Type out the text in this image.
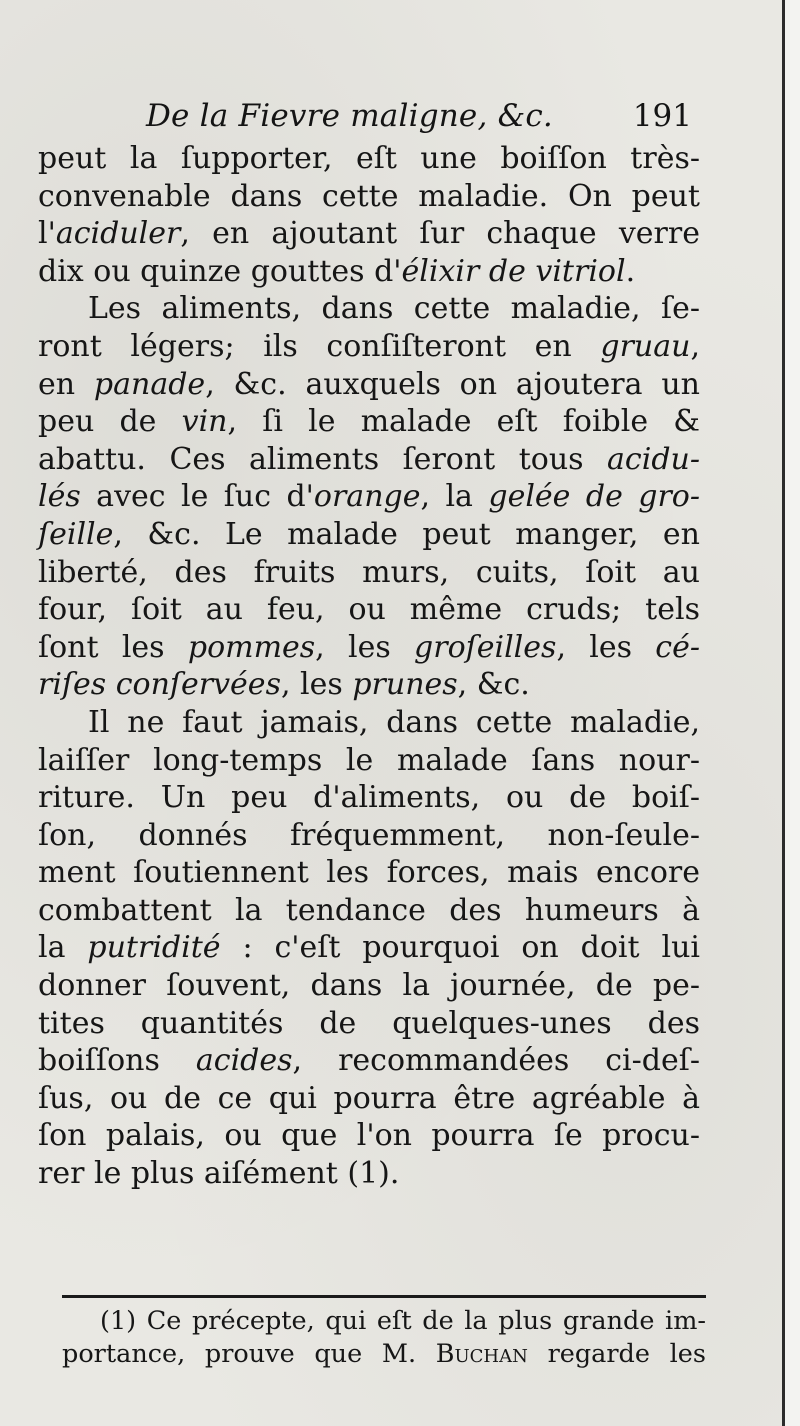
De la Fievre maligne, &c.	191
peut la ſupporter, eſt une boiſſon très-
convenable dans cette maladie. On peut
l'aciduler, en ajoutant ſur chaque verre
dix ou quinze gouttes d'élixir de vitriol.
Les aliments, dans cette maladie, ſe-
ront légers; ils conſiſteront en gruau,
en panade, &c. auxquels on ajoutera un
peu de vin, ſi le malade eſt foible &
abattu. Ces aliments ſeront tous acidu-
lés avec le ſuc d'orange, la gelée de gro-
ſeille, &c. Le malade peut manger, en
liberté, des fruits murs, cuits, ſoit au
four, ſoit au feu, ou même cruds; tels
ſont les pommes, les groſeilles, les cé-
riſes conſervées, les prunes, &c.
Il ne faut jamais, dans cette maladie,
laiſſer long-temps le malade ſans nour-
riture. Un peu d'aliments, ou de boiſ-
ſon, donnés fréquemment, non-ſeule-
ment ſoutiennent les forces, mais encore
combattent la tendance des humeurs à
la putridité : c'eſt pourquoi on doit lui
donner ſouvent, dans la journée, de pe-
tites quantités de quelques-unes des
boiſſons acides, recommandées ci-deſ-
ſus, ou de ce qui pourra être agréable à
ſon palais, ou que l'on pourra ſe procu-
rer le plus aiſément (1).
(1) Ce précepte, qui eſt de la plus grande im-
portance, prouve que M. Buchan regarde les
